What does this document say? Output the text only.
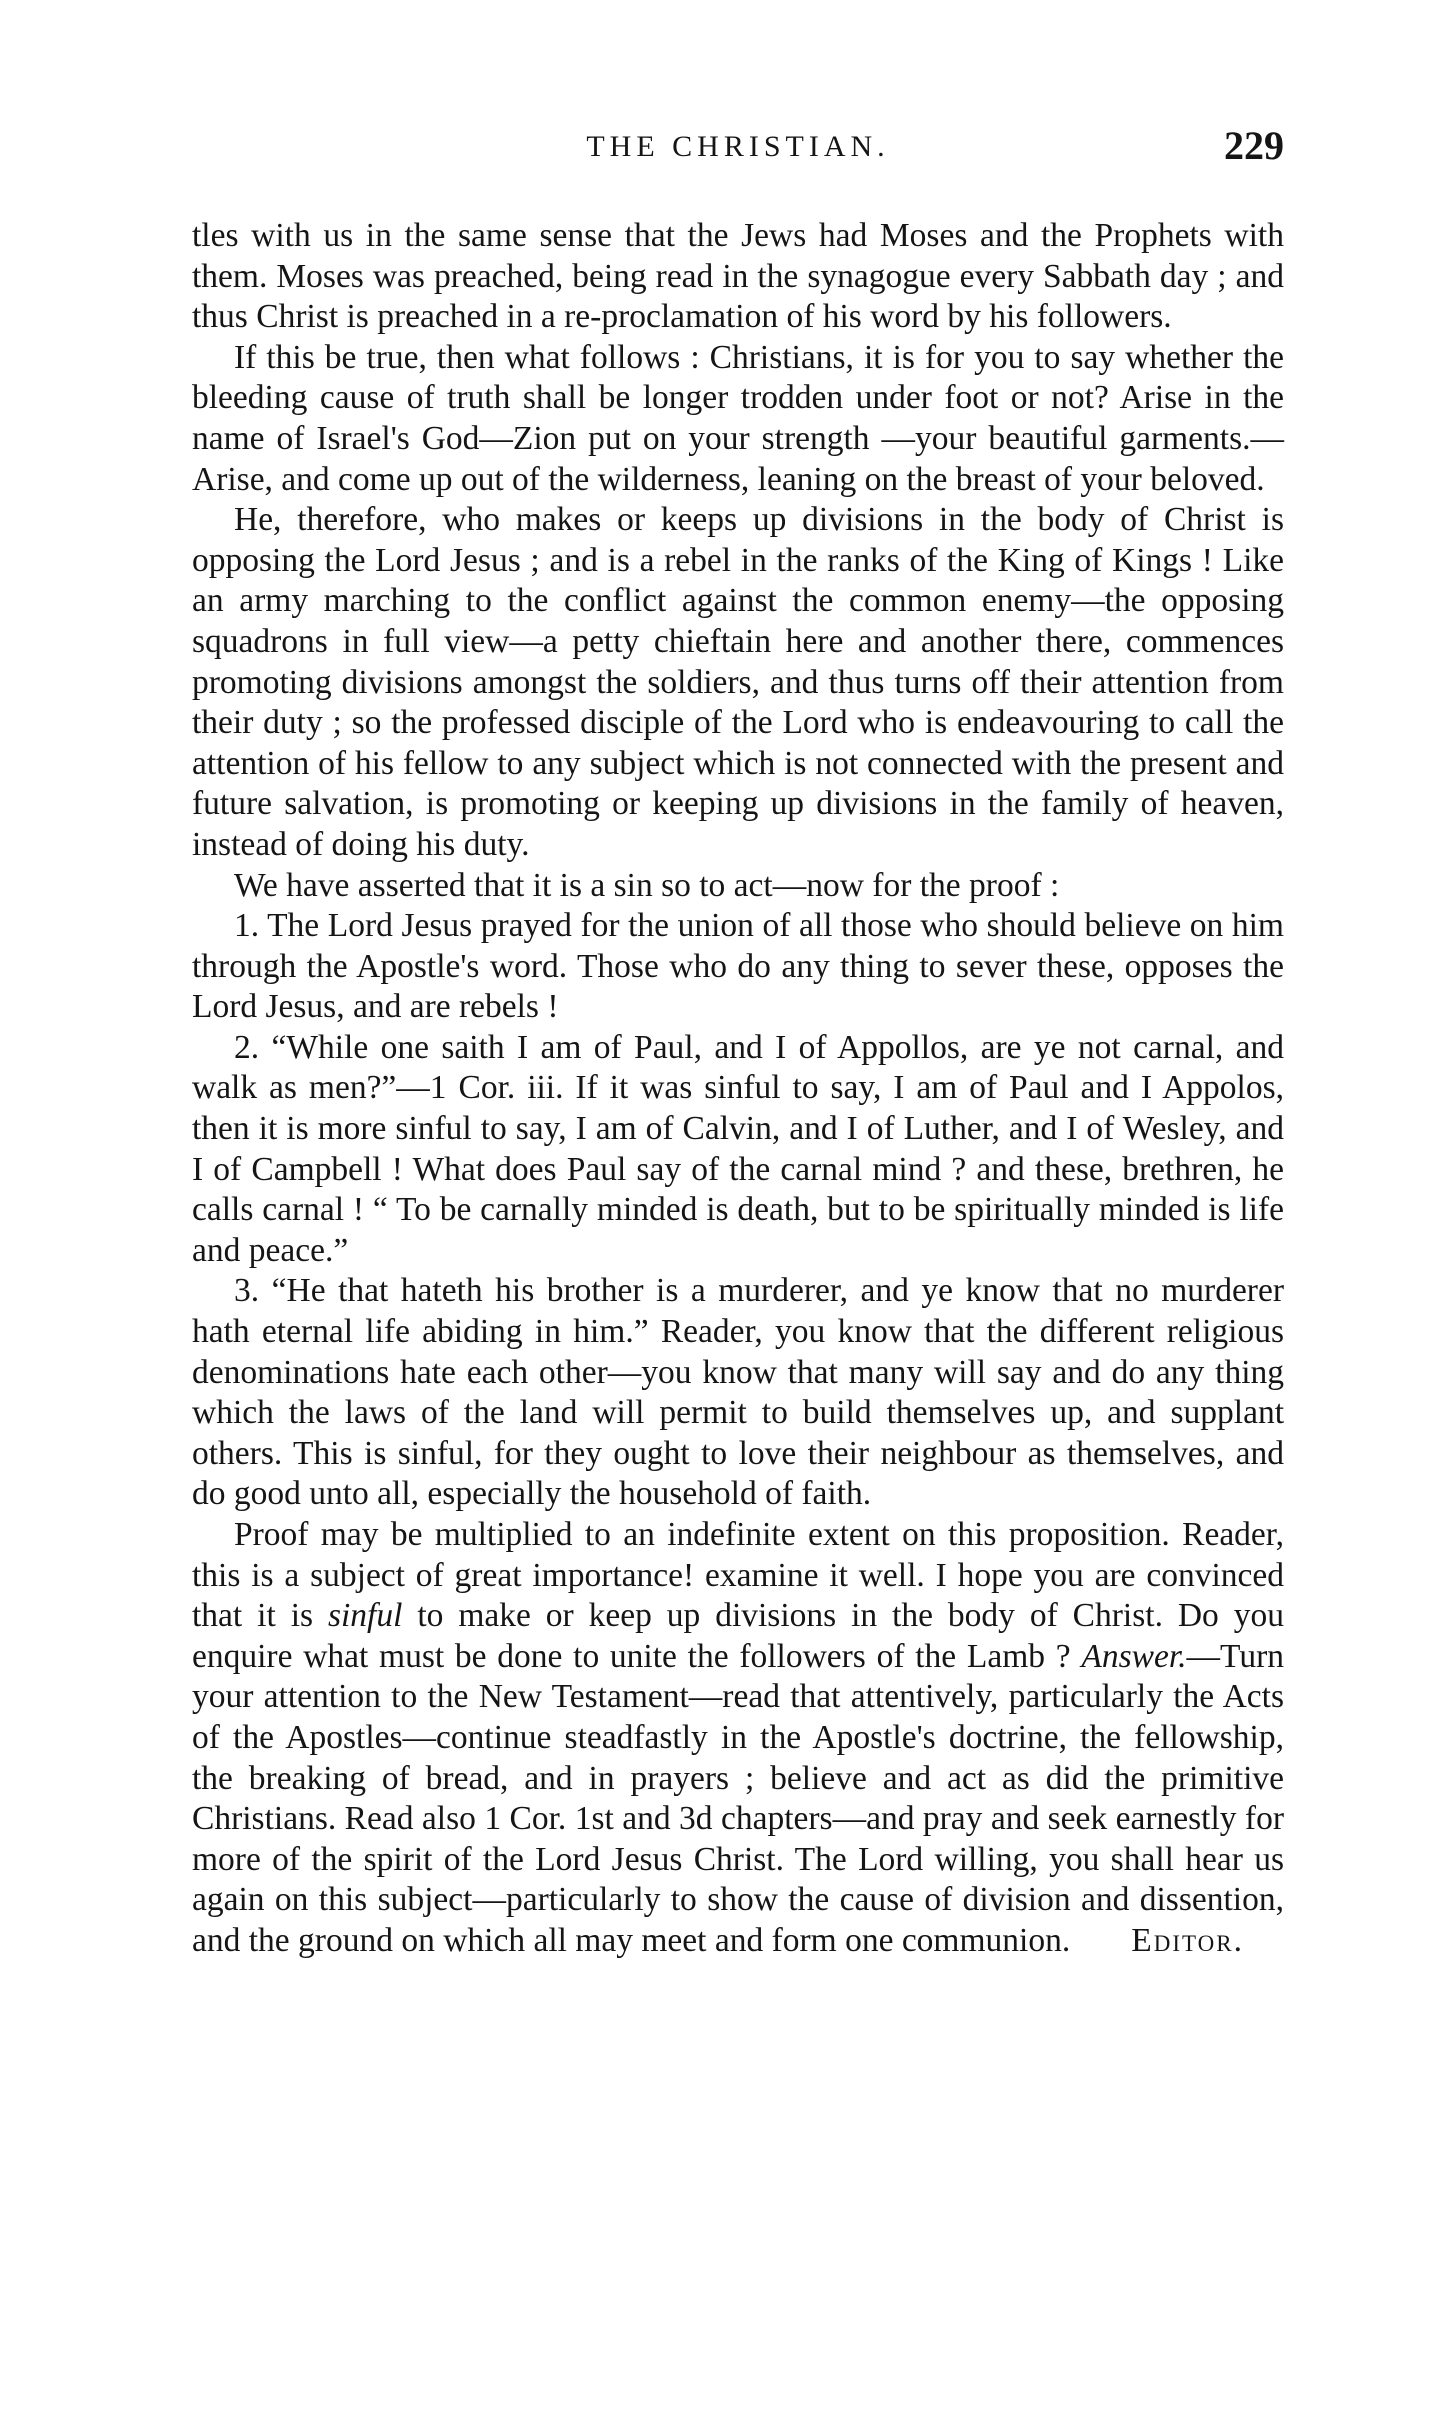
THE CHRISTIAN.	229

tles with us in the same sense that the Jews had Moses and the Prophets with them. Moses was preached, being read in the synagogue every Sabbath day ; and thus Christ is preached in a re-proclamation of his word by his followers.

If this be true, then what follows : Christians, it is for you to say whether the bleeding cause of truth shall be longer trodden under foot or not? Arise in the name of Israel's God—Zion put on your strength —your beautiful garments.—Arise, and come up out of the wilderness, leaning on the breast of your beloved.

He, therefore, who makes or keeps up divisions in the body of Christ is opposing the Lord Jesus ; and is a rebel in the ranks of the King of Kings ! Like an army marching to the conflict against the common enemy—the opposing squadrons in full view—a petty chieftain here and another there, commences promoting divisions amongst the soldiers, and thus turns off their attention from their duty ; so the professed disciple of the Lord who is endeavouring to call the attention of his fellow to any subject which is not connected with the present and future salvation, is promoting or keeping up divisions in the family of heaven, instead of doing his duty.

We have asserted that it is a sin so to act—now for the proof :

1. The Lord Jesus prayed for the union of all those who should believe on him through the Apostle's word. Those who do any thing to sever these, opposes the Lord Jesus, and are rebels !

2. “While one saith I am of Paul, and I of Appollos, are ye not carnal, and walk as men?”—1 Cor. iii. If it was sinful to say, I am of Paul and I Appolos, then it is more sinful to say, I am of Calvin, and I of Luther, and I of Wesley, and I of Campbell ! What does Paul say of the carnal mind ? and these, brethren, he calls carnal ! “ To be carnally minded is death, but to be spiritually minded is life and peace.”

3. “He that hateth his brother is a murderer, and ye know that no murderer hath eternal life abiding in him.” Reader, you know that the different religious denominations hate each other—you know that many will say and do any thing which the laws of the land will permit to build themselves up, and supplant others. This is sinful, for they ought to love their neighbour as themselves, and do good unto all, especially the household of faith.

Proof may be multiplied to an indefinite extent on this proposition. Reader, this is a subject of great importance! examine it well. I hope you are convinced that it is sinful to make or keep up divisions in the body of Christ. Do you enquire what must be done to unite the followers of the Lamb ? Answer.—Turn your attention to the New Testament—read that attentively, particularly the Acts of the Apostles—continue steadfastly in the Apostle's doctrine, the fellowship, the breaking of bread, and in prayers ; believe and act as did the primitive Christians. Read also 1 Cor. 1st and 3d chapters—and pray and seek earnestly for more of the spirit of the Lord Jesus Christ. The Lord willing, you shall hear us again on this subject—particularly to show the cause of division and dissention, and the ground on which all may meet and form one communion.	Editor.
